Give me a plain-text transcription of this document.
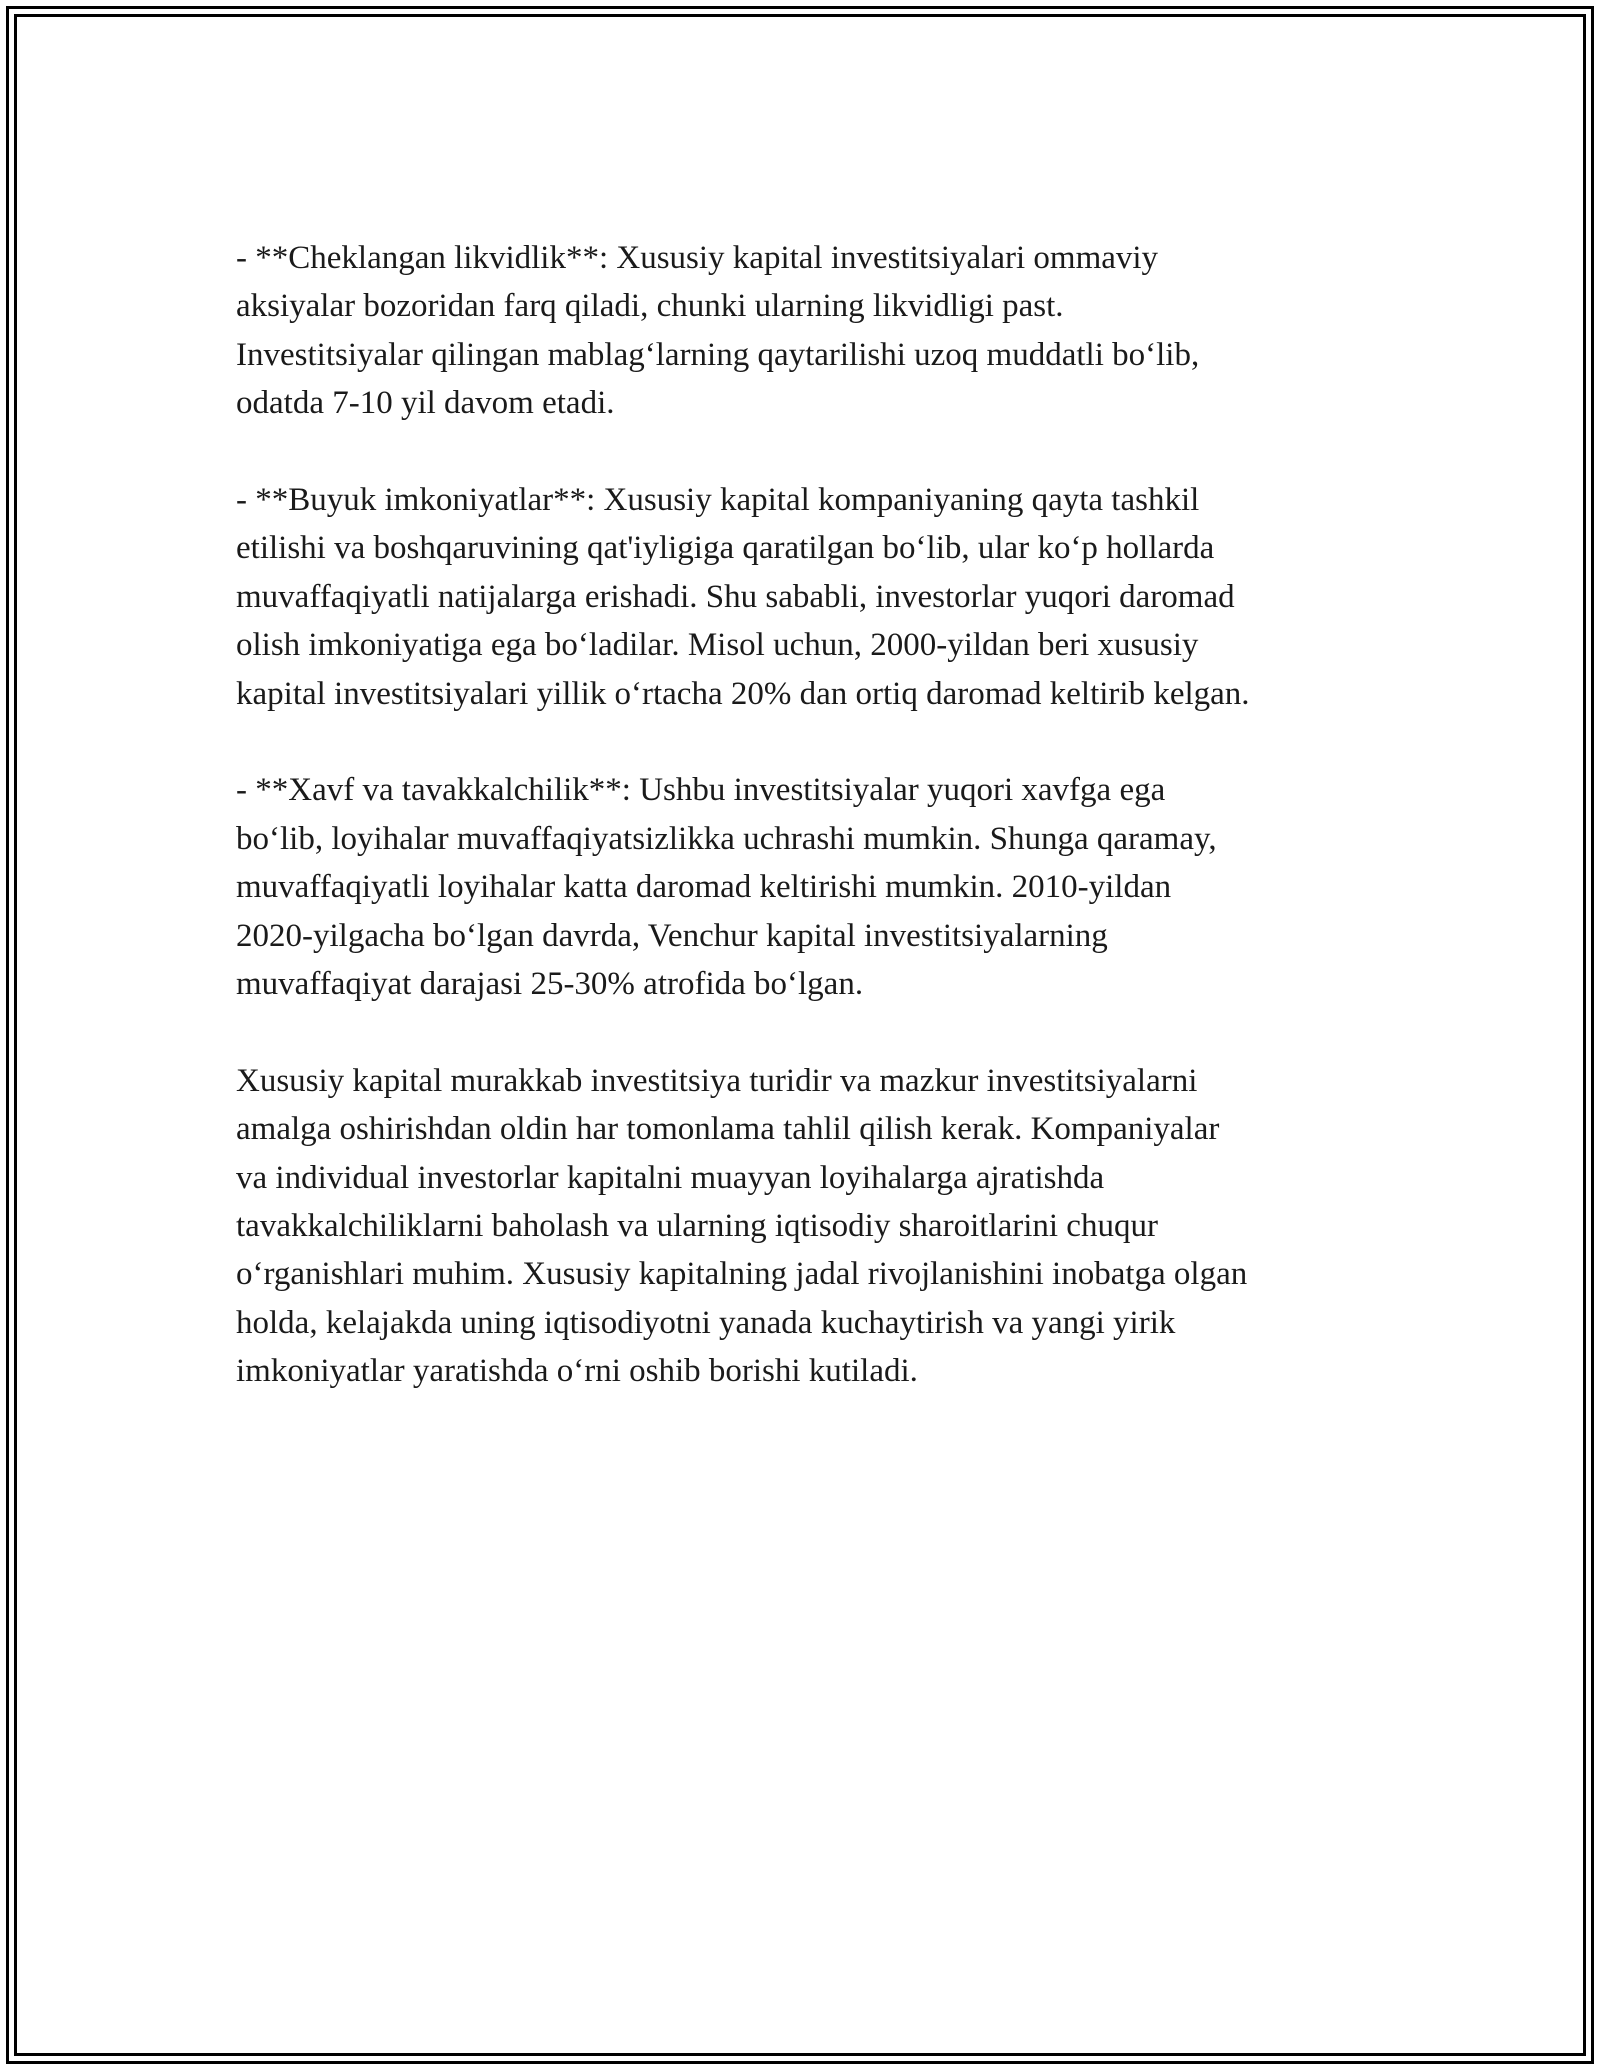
- **Cheklangan likvidlik**: Xususiy kapital investitsiyalari ommaviy
aksiyalar bozoridan farq qiladi, chunki ularning likvidligi past.
Investitsiyalar qilingan mablag‘larning qaytarilishi uzoq muddatli bo‘lib,
odatda 7-10 yil davom etadi.

- **Buyuk imkoniyatlar**: Xususiy kapital kompaniyaning qayta tashkil
etilishi va boshqaruvining qat'iyligiga qaratilgan bo‘lib, ular ko‘p hollarda
muvaffaqiyatli natijalarga erishadi. Shu sababli, investorlar yuqori daromad
olish imkoniyatiga ega bo‘ladilar. Misol uchun, 2000-yildan beri xususiy
kapital investitsiyalari yillik o‘rtacha 20% dan ortiq daromad keltirib kelgan.

- **Xavf va tavakkalchilik**: Ushbu investitsiyalar yuqori xavfga ega
bo‘lib, loyihalar muvaffaqiyatsizlikka uchrashi mumkin. Shunga qaramay,
muvaffaqiyatli loyihalar katta daromad keltirishi mumkin. 2010-yildan
2020-yilgacha bo‘lgan davrda, Venchur kapital investitsiyalarning
muvaffaqiyat darajasi 25-30% atrofida bo‘lgan.

Xususiy kapital murakkab investitsiya turidir va mazkur investitsiyalarni
amalga oshirishdan oldin har tomonlama tahlil qilish kerak. Kompaniyalar
va individual investorlar kapitalni muayyan loyihalarga ajratishda
tavakkalchiliklarni baholash va ularning iqtisodiy sharoitlarini chuqur
o‘rganishlari muhim. Xususiy kapitalning jadal rivojlanishini inobatga olgan
holda, kelajakda uning iqtisodiyotni yanada kuchaytirish va yangi yirik
imkoniyatlar yaratishda o‘rni oshib borishi kutiladi.
